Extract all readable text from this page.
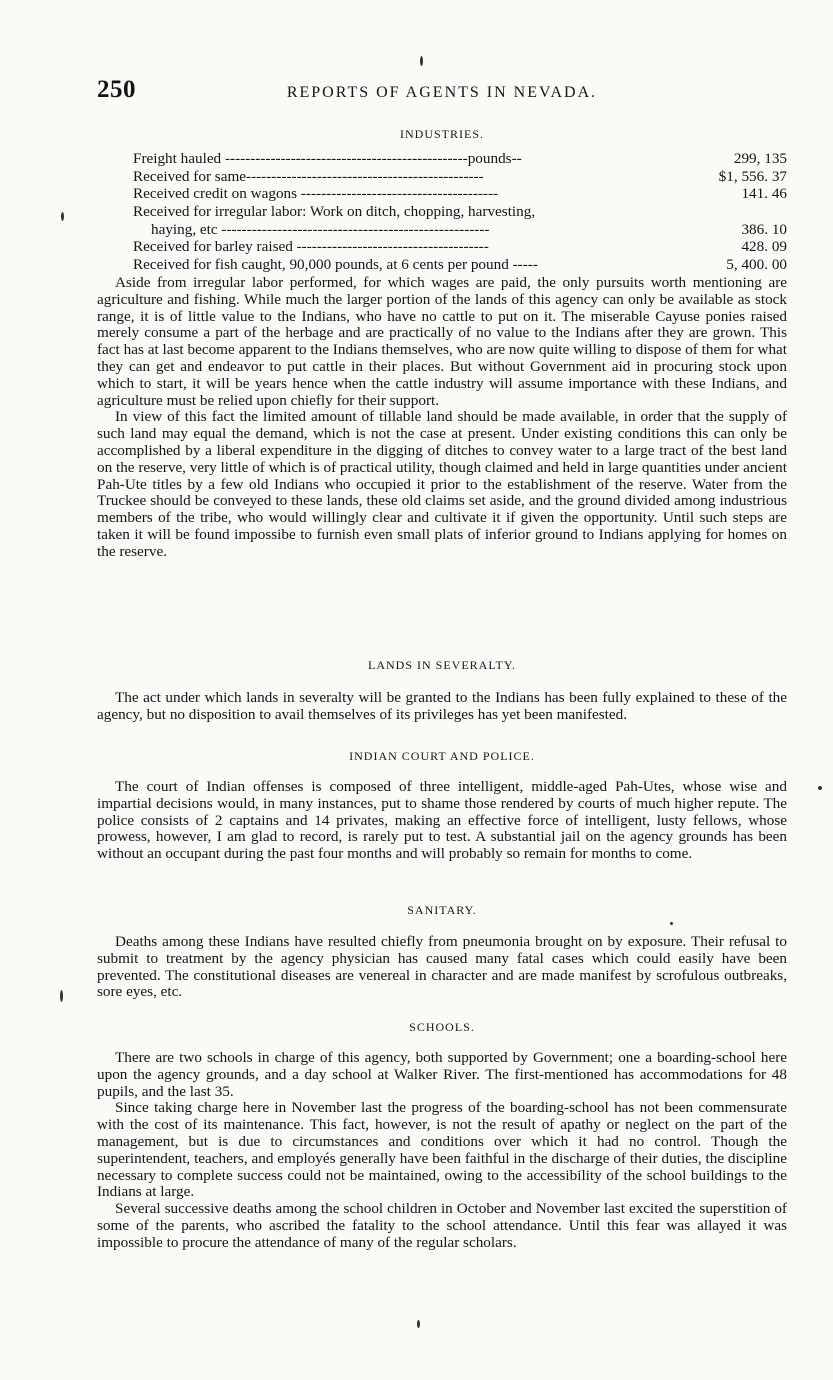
250	REPORTS OF AGENTS IN NEVADA.
INDUSTRIES.
Freight hauled ------------------------------------------------pounds--	299, 135
Received for same-----------------------------------------------	$1, 556. 37
Received credit on wagons ---------------------------------------	141. 46
Received for irregular labor: Work on ditch, chopping, harvesting,
haying, etc -----------------------------------------------------	386. 10
Received for barley raised --------------------------------------	428. 09
Received for fish caught, 90,000 pounds, at 6 cents per pound -----	5, 400. 00

Aside from irregular labor performed, for which wages are paid, the only pursuits worth mentioning are agriculture and fishing. While much the larger portion of the lands of this agency can only be available as stock range, it is of little value to the Indians, who have no cattle to put on it. The miserable Cayuse ponies raised merely consume a part of the herbage and are practically of no value to the Indians after they are grown. This fact has at last become apparent to the Indians themselves, who are now quite willing to dispose of them for what they can get and endeavor to put cattle in their places. But without Government aid in procuring stock upon which to start, it will be years hence when the cattle industry will assume importance with these Indians, and agriculture must be relied upon chiefly for their support.

In view of this fact the limited amount of tillable land should be made available, in order that the supply of such land may equal the demand, which is not the case at present. Under existing conditions this can only be accomplished by a liberal expenditure in the digging of ditches to convey water to a large tract of the best land on the reserve, very little of which is of practical utility, though claimed and held in large quantities under ancient Pah-Ute titles by a few old Indians who occupied it prior to the establishment of the reserve. Water from the Truckee should be conveyed to these lands, these old claims set aside, and the ground divided among industrious members of the tribe, who would willingly clear and cultivate it if given the opportunity. Until such steps are taken it will be found impossibe to furnish even small plats of inferior ground to Indians applying for homes on the reserve.

LANDS IN SEVERALTY.

The act under which lands in severalty will be granted to the Indians has been fully explained to these of the agency, but no disposition to avail themselves of its privileges has yet been manifested.

INDIAN COURT AND POLICE.

The court of Indian offenses is composed of three intelligent, middle-aged Pah-Utes, whose wise and impartial decisions would, in many instances, put to shame those rendered by courts of much higher repute. The police consists of 2 captains and 14 privates, making an effective force of intelligent, lusty fellows, whose prowess, however, I am glad to record, is rarely put to test. A substantial jail on the agency grounds has been without an occupant during the past four months and will probably so remain for months to come.

SANITARY.

Deaths among these Indians have resulted chiefly from pneumonia brought on by exposure. Their refusal to submit to treatment by the agency physician has caused many fatal cases which could easily have been prevented. The constitutional diseases are venereal in character and are made manifest by scrofulous outbreaks, sore eyes, etc.

SCHOOLS.

There are two schools in charge of this agency, both supported by Government; one a boarding-school here upon the agency grounds, and a day school at Walker River. The first-mentioned has accommodations for 48 pupils, and the last 35.

Since taking charge here in November last the progress of the boarding-school has not been commensurate with the cost of its maintenance. This fact, however, is not the result of apathy or neglect on the part of the management, but is due to circumstances and conditions over which it had no control. Though the superintendent, teachers, and employés generally have been faithful in the discharge of their duties, the discipline necessary to complete success could not be maintained, owing to the accessibility of the school buildings to the Indians at large.

Several successive deaths among the school children in October and November last excited the superstition of some of the parents, who ascribed the fatality to the school attendance. Until this fear was allayed it was impossible to procure the attendance of many of the regular scholars.
